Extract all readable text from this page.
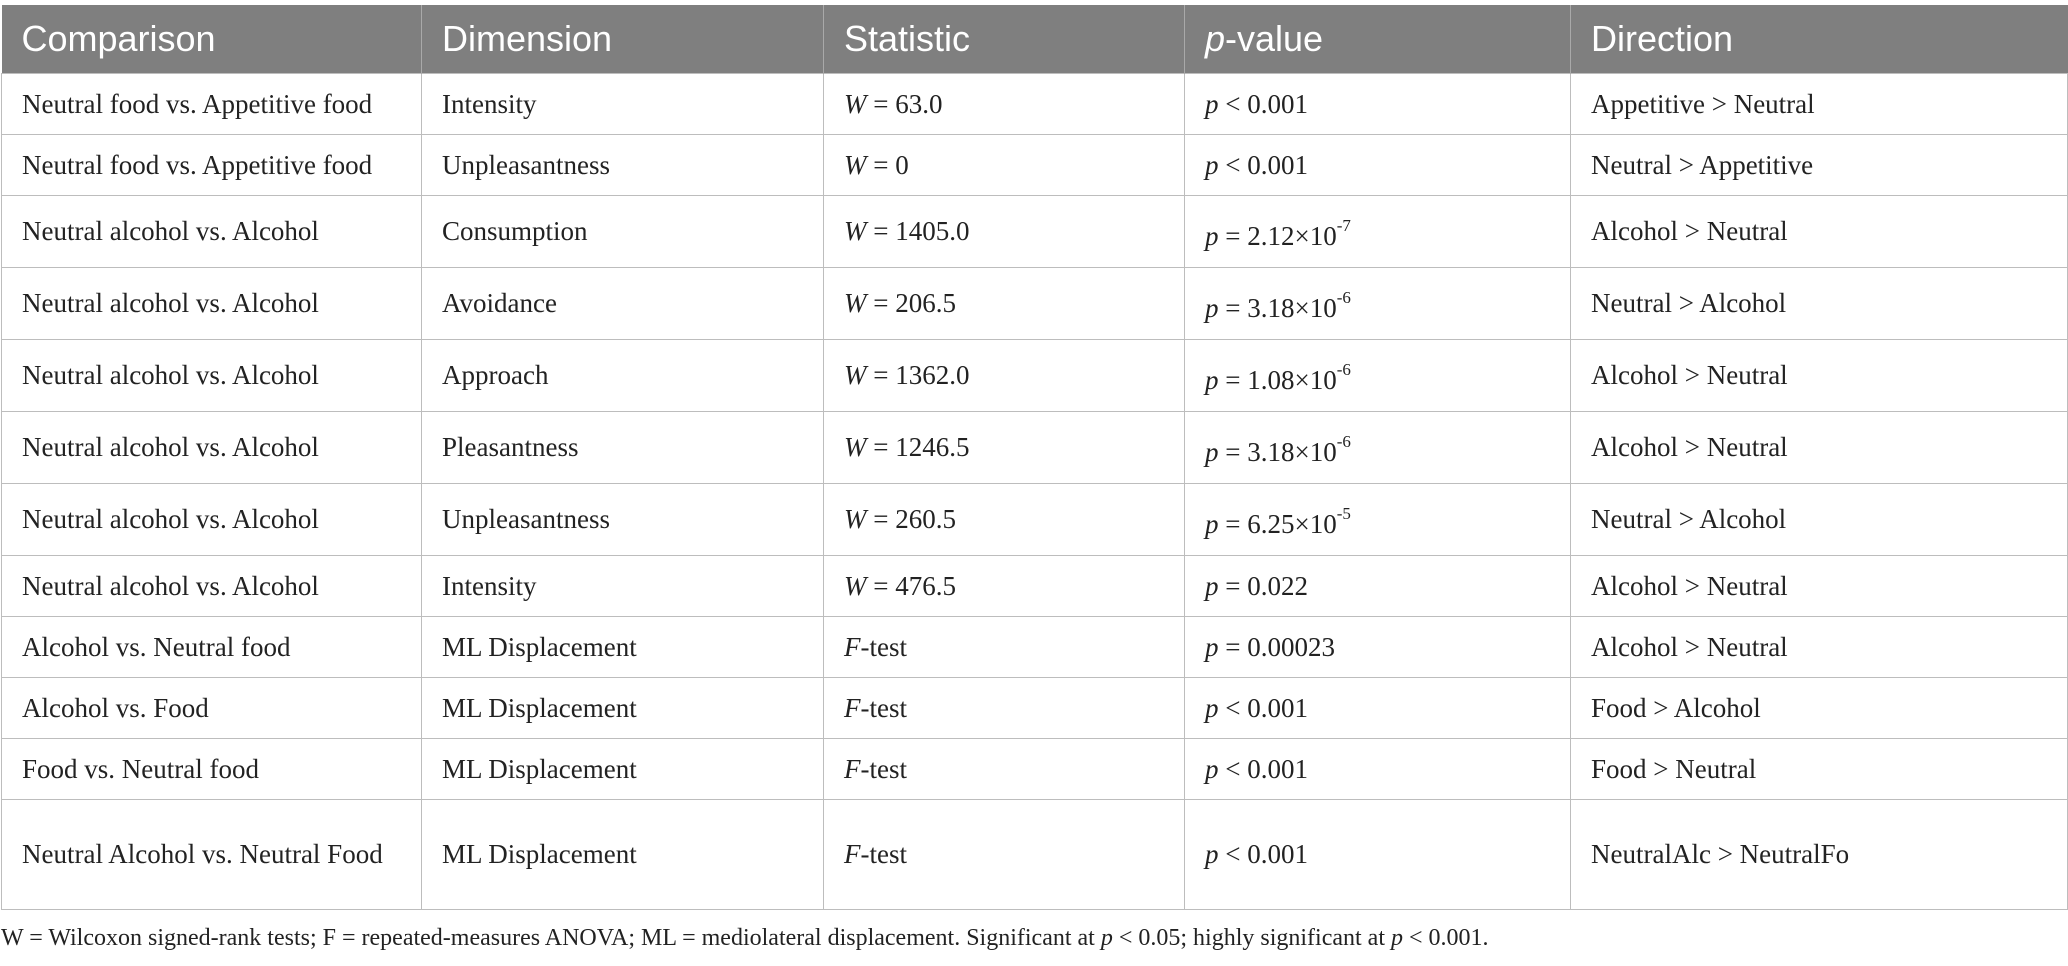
Comparison	Dimension	Statistic	p-value	Direction
Neutral food vs. Appetitive food	Intensity	W = 63.0	p < 0.001	Appetitive > Neutral
Neutral food vs. Appetitive food	Unpleasantness	W = 0	p < 0.001	Neutral > Appetitive
Neutral alcohol vs. Alcohol	Consumption	W = 1405.0	$p = 2.12\times 10^{-7}$	Alcohol > Neutral
Neutral alcohol vs. Alcohol	Avoidance	W = 206.5	$p = 3.18\times 10^{-6}$	Neutral > Alcohol
Neutral alcohol vs. Alcohol	Approach	W = 1362.0	$p = 1.08\times 10^{-6}$	Alcohol > Neutral
Neutral alcohol vs. Alcohol	Pleasantness	W = 1246.5	$p = 3.18\times 10^{-6}$	Alcohol > Neutral
Neutral alcohol vs. Alcohol	Unpleasantness	W = 260.5	$p = 6.25\times 10^{-5}$	Neutral > Alcohol
Neutral alcohol vs. Alcohol	Intensity	W = 476.5	p = 0.022	Alcohol > Neutral
Alcohol vs. Neutral food	ML Displacement	F-test	p = 0.00023	Alcohol > Neutral
Alcohol vs. Food	ML Displacement	F-test	p < 0.001	Food > Alcohol
Food vs. Neutral food	ML Displacement	F-test	p < 0.001	Food > Neutral
Neutral Alcohol vs. Neutral Food	ML Displacement	F-test	p < 0.001	NeutralAlc > NeutralFo
W = Wilcoxon signed-rank tests; F = repeated-measures ANOVA; ML = mediolateral displacement. Significant at p < 0.05; highly significant at p < 0.001.
